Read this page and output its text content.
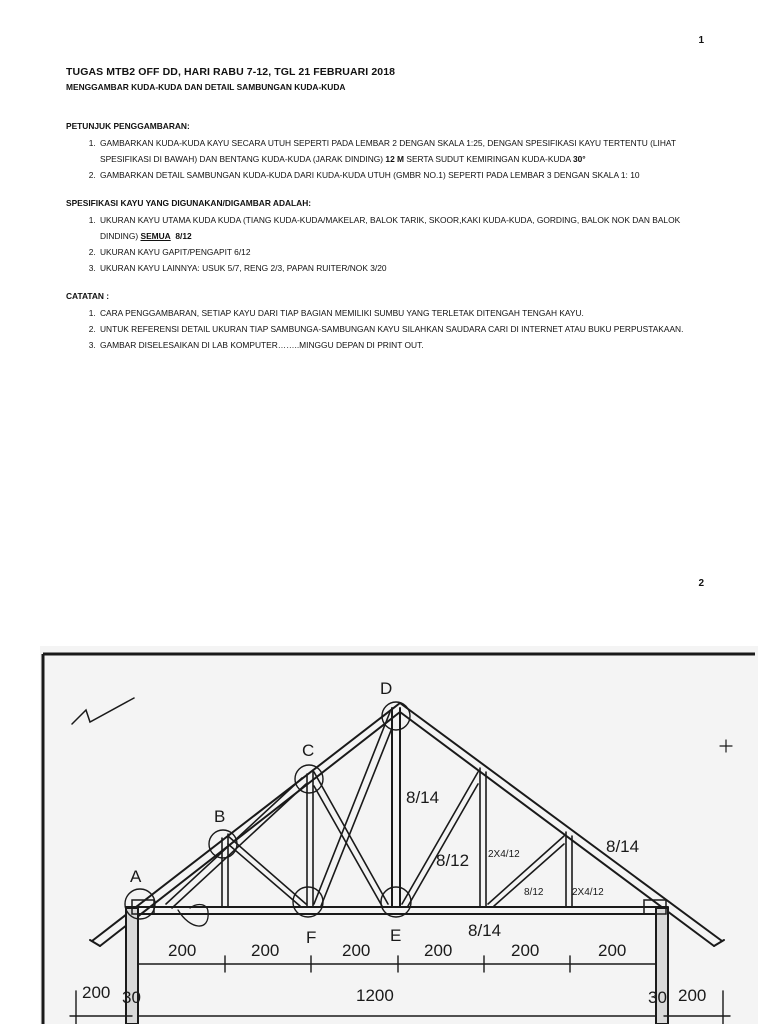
1
TUGAS MTB2 OFF DD, HARI RABU 7-12, TGL 21 FEBRUARI 2018
MENGGAMBAR KUDA-KUDA DAN DETAIL SAMBUNGAN KUDA-KUDA
PETUNJUK PENGGAMBARAN:
1. GAMBARKAN KUDA-KUDA KAYU SECARA UTUH SEPERTI PADA LEMBAR 2 DENGAN SKALA 1:25, DENGAN SPESIFIKASI KAYU TERTENTU (LIHAT SPESIFIKASI DI BAWAH) DAN BENTANG KUDA-KUDA (JARAK DINDING) 12 M SERTA SUDUT KEMIRINGAN KUDA-KUDA 30°
2. GAMBARKAN DETAIL SAMBUNGAN KUDA-KUDA DARI KUDA-KUDA UTUH (GMBR NO.1) SEPERTI PADA LEMBAR 3 DENGAN SKALA 1: 10
SPESIFIKASI KAYU YANG DIGUNAKAN/DIGAMBAR ADALAH:
1. UKURAN KAYU UTAMA KUDA KUDA (TIANG KUDA-KUDA/MAKELAR, BALOK TARIK, SKOOR,KAKI KUDA-KUDA, GORDING, BALOK NOK DAN BALOK DINDING) SEMUA 8/12
2. UKURAN KAYU GAPIT/PENGAPIT 6/12
3. UKURAN KAYU LAINNYA: USUK 5/7, RENG 2/3, PAPAN RUITER/NOK 3/20
CATATAN :
1. CARA PENGGAMBARAN, SETIAP KAYU DARI TIAP BAGIAN MEMILIKI SUMBU YANG TERLETAK DITENGAH TENGAH KAYU.
2. UNTUK REFERENSI DETAIL UKURAN TIAP SAMBUNGA-SAMBUNGAN KAYU SILAHKAN SAUDARA CARI DI INTERNET ATAU BUKU PERPUSTAKAAN.
3. GAMBAR DISELESAIKAN DI LAB KOMPUTER……..MINGGU DEPAN DI PRINT OUT.
2
A
B
C
D
E
F
8/14
8/12 2X4/12
8/12	2X4/12
8/14
8/14
200	200	200	200	200	200
200 30	1200	30 200
